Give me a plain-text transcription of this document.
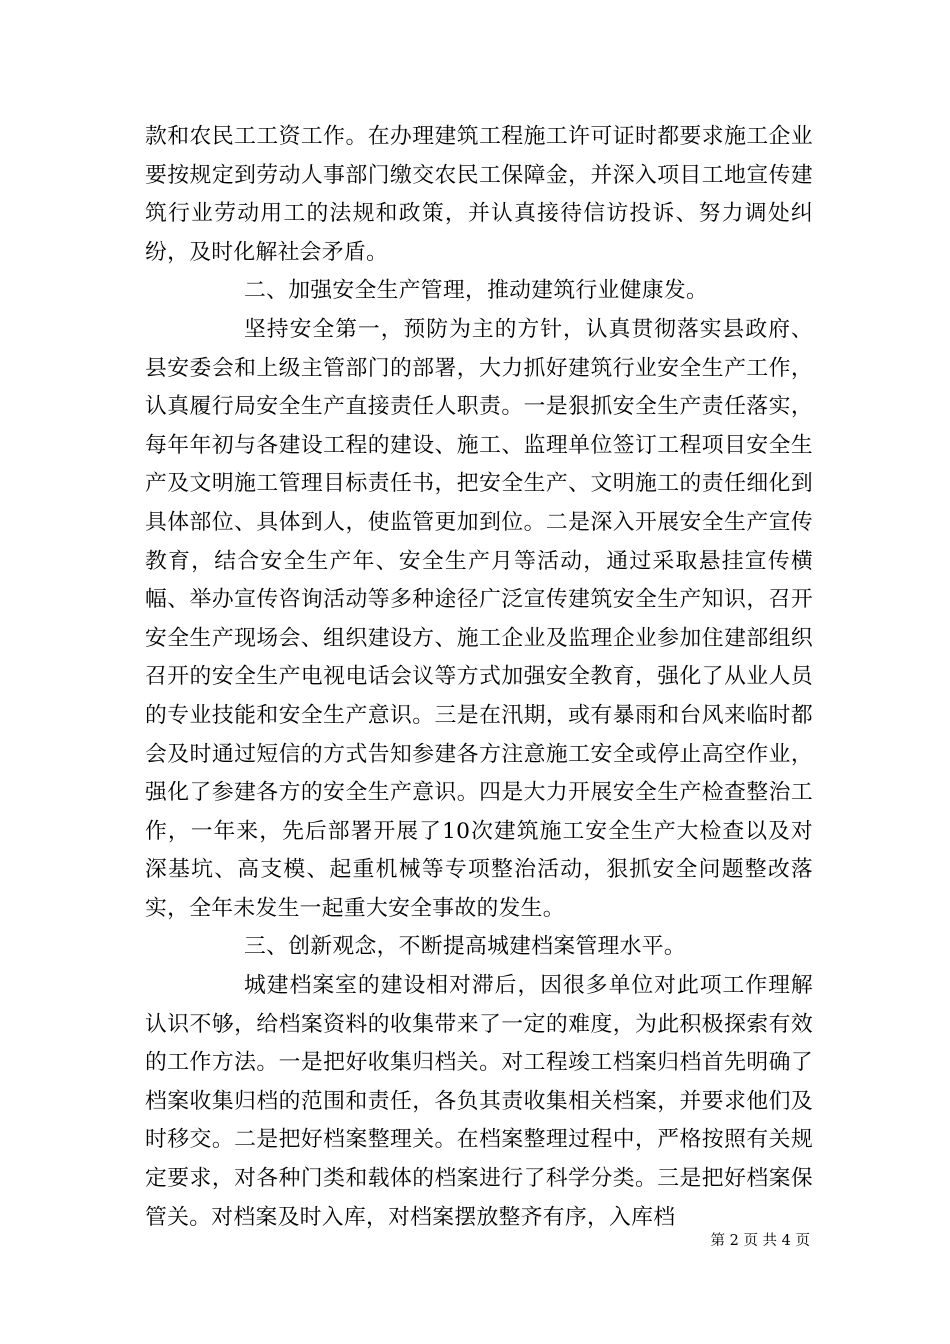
款和农民工工资工作。在办理建筑工程施工许可证时都要求施工企业要按规定到劳动人事部门缴交农民工保障金，并深入项目工地宣传建筑行业劳动用工的法规和政策，并认真接待信访投诉、努力调处纠纷，及时化解社会矛盾。

二、加强安全生产管理，推动建筑行业健康发。

坚持安全第一，预防为主的方针，认真贯彻落实县政府、县安委会和上级主管部门的部署，大力抓好建筑行业安全生产工作，认真履行局安全生产直接责任人职责。一是狠抓安全生产责任落实，每年年初与各建设工程的建设、施工、监理单位签订工程项目安全生产及文明施工管理目标责任书，把安全生产、文明施工的责任细化到具体部位、具体到人，使监管更加到位。二是深入开展安全生产宣传教育，结合安全生产年、安全生产月等活动，通过采取悬挂宣传横幅、举办宣传咨询活动等多种途径广泛宣传建筑安全生产知识，召开安全生产现场会、组织建设方、施工企业及监理企业参加住建部组织召开的安全生产电视电话会议等方式加强安全教育，强化了从业人员的专业技能和安全生产意识。三是在汛期，或有暴雨和台风来临时都会及时通过短信的方式告知参建各方注意施工安全或停止高空作业，强化了参建各方的安全生产意识。四是大力开展安全生产检查整治工作，一年来，先后部署开展了10次建筑施工安全生产大检查以及对深基坑、高支模、起重机械等专项整治活动，狠抓安全问题整改落实，全年未发生一起重大安全事故的发生。

三、创新观念，不断提高城建档案管理水平。

城建档案室的建设相对滞后，因很多单位对此项工作理解认识不够，给档案资料的收集带来了一定的难度，为此积极探索有效的工作方法。一是把好收集归档关。对工程竣工档案归档首先明确了档案收集归档的范围和责任，各负其责收集相关档案，并要求他们及时移交。二是把好档案整理关。在档案整理过程中，严格按照有关规定要求，对各种门类和载体的档案进行了科学分类。三是把好档案保管关。对档案及时入库，对档案摆放整齐有序，入库档

第 2 页 共 4 页
